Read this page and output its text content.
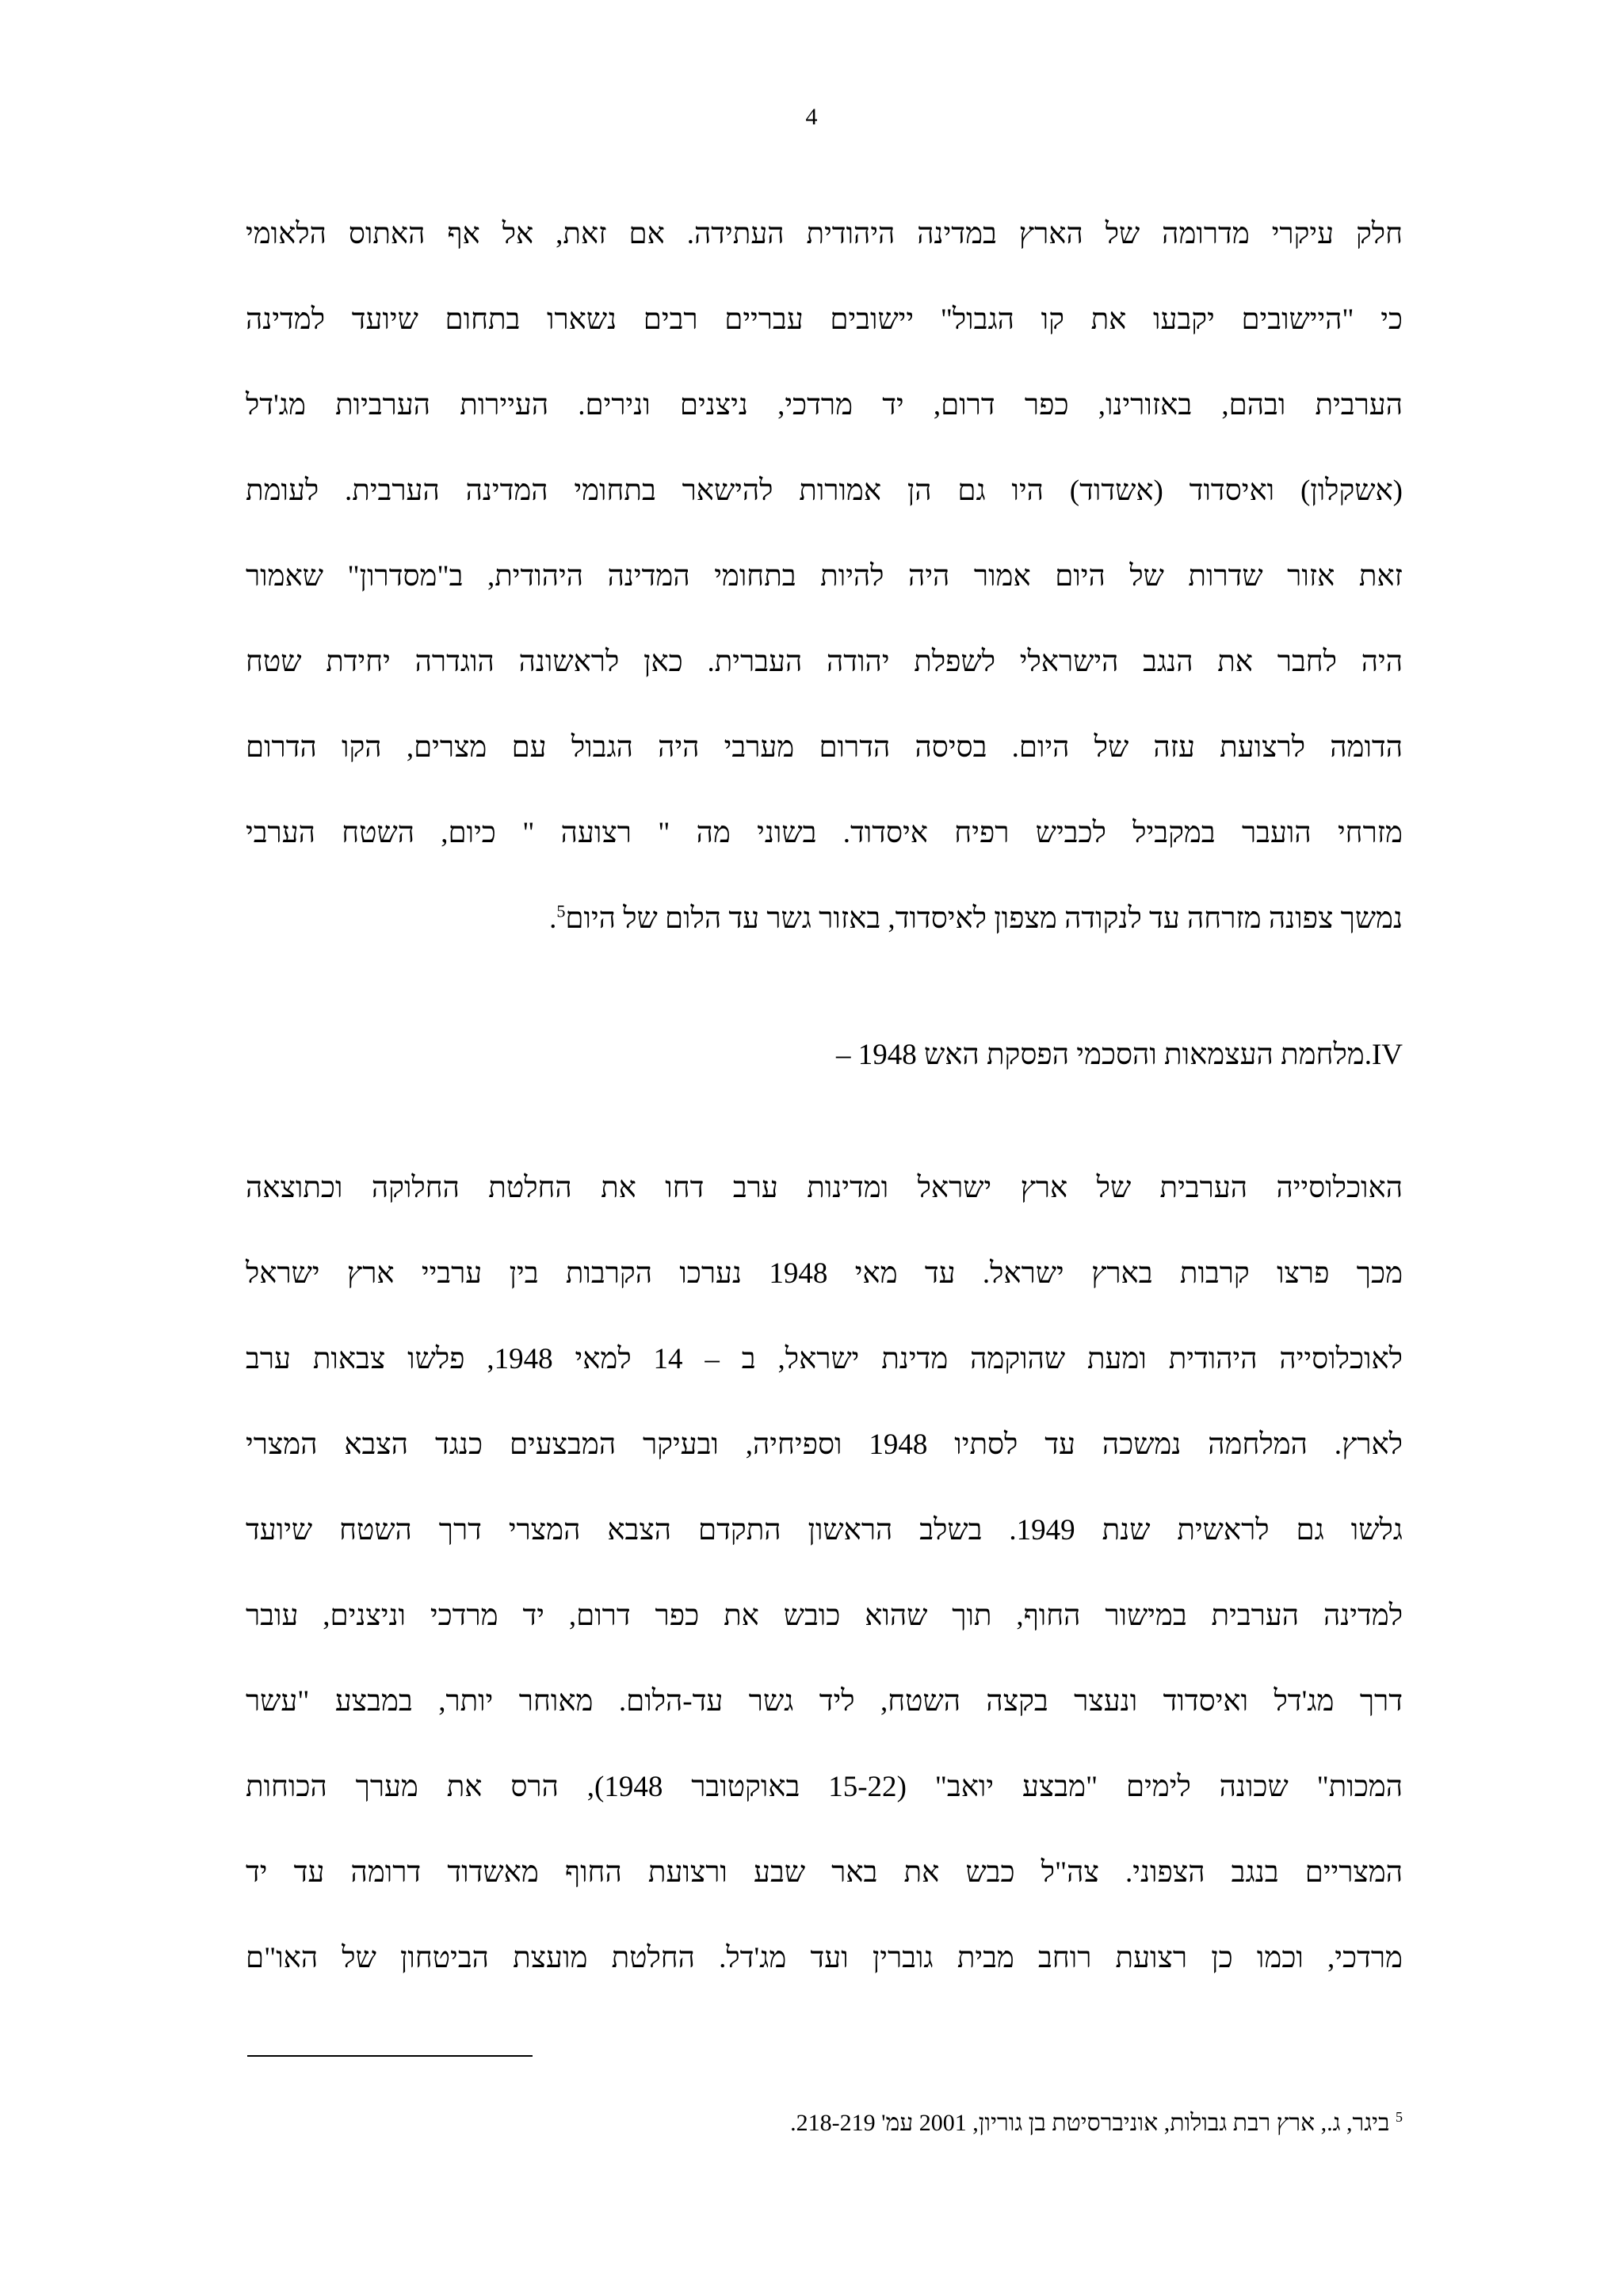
4
חלק עיקרי מדרומה של הארץ במדינה היהודית העתידה. אם זאת, אל אף האתוס הלאומי
כי "היישובים יקבעו את קו הגבול" יישובים עבריים רבים נשארו בתחום שיועד למדינה
הערבית ובהם, באזורינו, כפר דרום, יד מרדכי, ניצנים ונירים. העיירות הערביות מג'דל
(אשקלון) ואיסדוד (אשדוד) היו גם הן אמורות להישאר בתחומי המדינה הערבית. לעומת
זאת אזור שדרות של היום אמור היה להיות בתחומי המדינה היהודית, ב"מסדרון" שאמור
היה לחבר את הנגב הישראלי לשפלת יהודה העברית. כאן לראשונה הוגדרה יחידת שטח
הדומה לרצועת עזה של היום. בסיסה הדרום מערבי היה הגבול עם מצרים, הקו הדרום
מזרחי הועבר במקביל לכביש רפיח איסדוד. בשוני מה " רצועה " כיום, השטח הערבי
נמשך צפונה מזרחה עד לנקודה מצפון לאיסדוד, באזור גשר עד הלום של היום$^5$.
IV.מלחמת העצמאות והסכמי הפסקת האש 1948 –
האוכלוסייה הערבית של ארץ ישראל ומדינות ערב דחו את החלטת החלוקה וכתוצאה
מכך פרצו קרבות בארץ ישראל. עד מאי 1948 נערכו הקרבות בין ערביי ארץ ישראל
לאוכלוסייה היהודית ומעת שהוקמה מדינת ישראל, ב – 14 למאי 1948, פלשו צבאות ערב
לארץ. המלחמה נמשכה עד לסתיו 1948 וספיחיה, ובעיקר המבצעים כנגד הצבא המצרי
גלשו גם לראשית שנת 1949. בשלב הראשון התקדם הצבא המצרי דרך השטח שיועד
למדינה הערבית במישור החוף, תוך שהוא כובש את כפר דרום, יד מרדכי וניצנים, עובר
דרך מג'דל ואיסדוד ונעצר בקצה השטח, ליד גשר עד-הלום. מאוחר יותר, במבצע "עשר
המכות" שכונה לימים "מבצע יואב" (15-22 באוקטובר 1948), הרס את מערך הכוחות
המצריים בנגב הצפוני. צה"ל כבש את באר שבע ורצועת החוף מאשדוד דרומה עד יד
מרדכי, וכמו כן רצועת רוחב מבית גוברין ועד מג'דל. החלטת מועצת הביטחון של האו"ם
$^5$ ביגר, ג., ארץ רבת גבולות, אוניברסיטת בן גוריון, 2001 עמ' 218-219.
